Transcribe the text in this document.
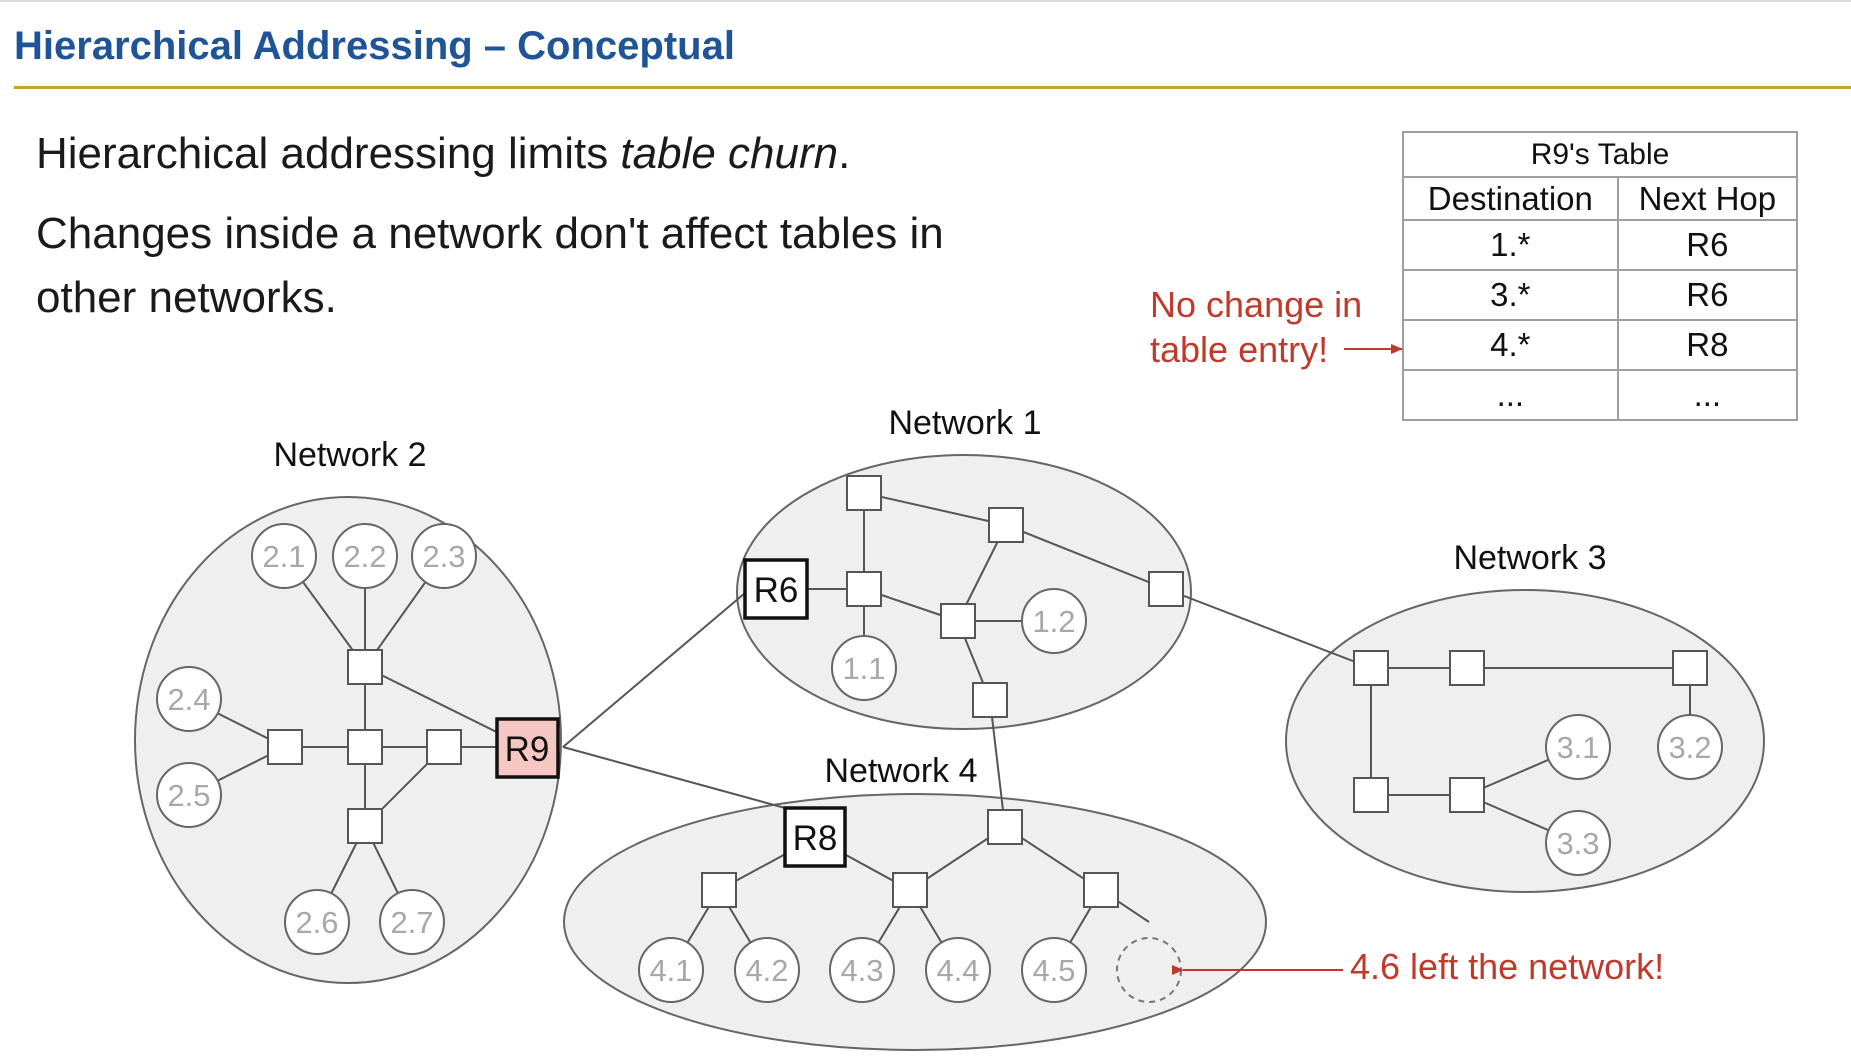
Hierarchical Addressing – Conceptual
Hierarchical addressing limits table churn.
Changes inside a network don't affect tables in
other networks.	No change in
table entry!
4.6 left the network!
R9's Table	
Destination	Next Hop
1.*	R6
3.*	R6
4.*	R8
...	...
Network 2
Network 1
Network 3
Network 4
R6
R8
R9
2.1 2.2 2.3
2.4
2.5
2.6 2.7
1.1
1.2
3.1 3.2
3.3
4.1 4.2 4.3 4.4 4.5
